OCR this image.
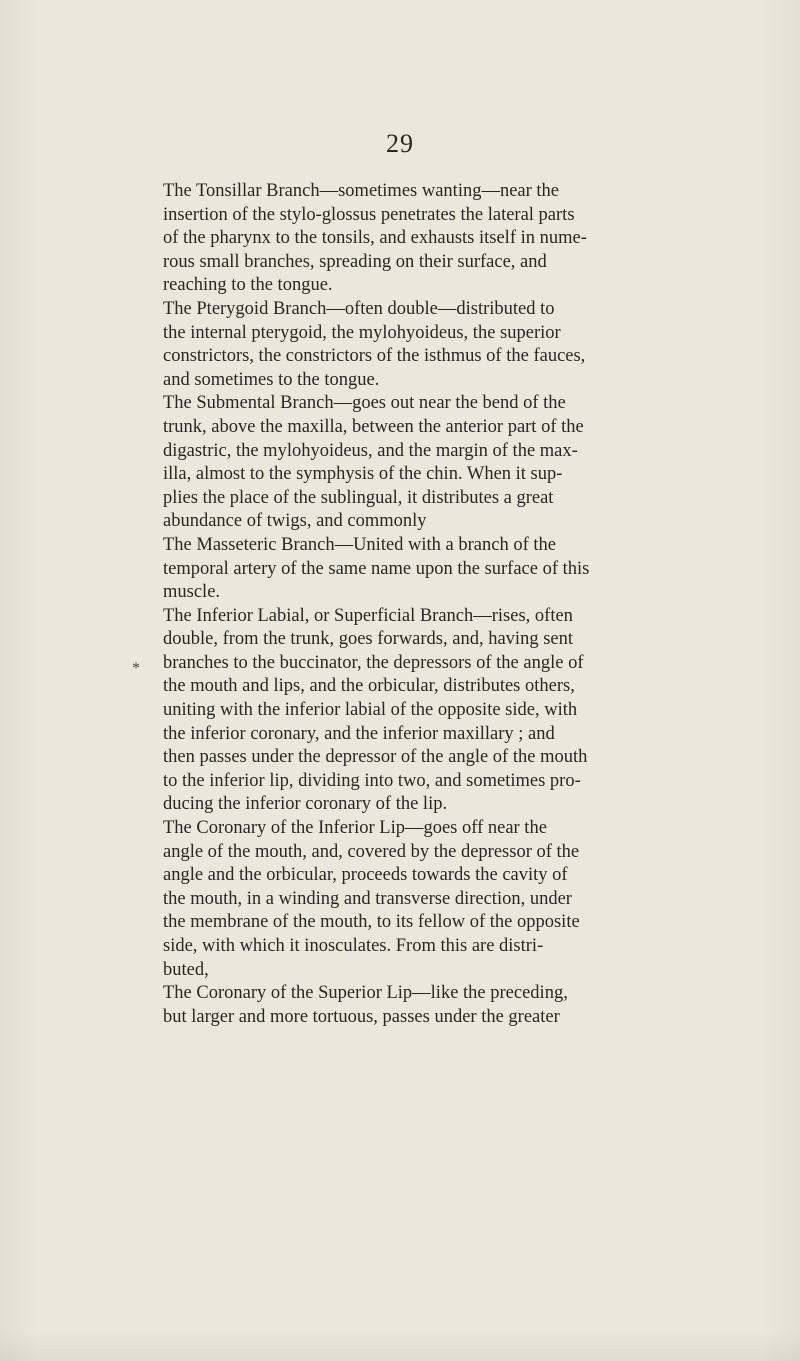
29

The Tonsillar Branch—sometimes wanting—near the
insertion of the stylo-glossus penetrates the lateral parts
of the pharynx to the tonsils, and exhausts itself in nume-
rous small branches, spreading on their surface, and
reaching to the tongue.

The Pterygoid Branch—often double—distributed to
the internal pterygoid, the mylohyoideus, the superior
constrictors, the constrictors of the isthmus of the fauces,
and sometimes to the tongue.

The Submental Branch—goes out near the bend of the
trunk, above the maxilla, between the anterior part of the
digastric, the mylohyoideus, and the margin of the max-
illa, almost to the symphysis of the chin. When it sup-
plies the place of the sublingual, it distributes a great
abundance of twigs, and commonly

The Masseteric Branch—United with a branch of the
temporal artery of the same name upon the surface of this
muscle.

The Inferior Labial, or Superficial Branch—rises, often
double, from the trunk, goes forwards, and, having sent
branches to the buccinator, the depressors of the angle of
the mouth and lips, and the orbicular, distributes others,
uniting with the inferior labial of the opposite side, with
the inferior coronary, and the inferior maxillary ; and
then passes under the depressor of the angle of the mouth
to the inferior lip, dividing into two, and sometimes pro-
ducing the inferior coronary of the lip.

The Coronary of the Inferior Lip—goes off near the
angle of the mouth, and, covered by the depressor of the
angle and the orbicular, proceeds towards the cavity of
the mouth, in a winding and transverse direction, under
the membrane of the mouth, to its fellow of the opposite
side, with which it inosculates. From this are distri-
buted,

The Coronary of the Superior Lip—like the preceding,
but larger and more tortuous, passes under the greater

*
